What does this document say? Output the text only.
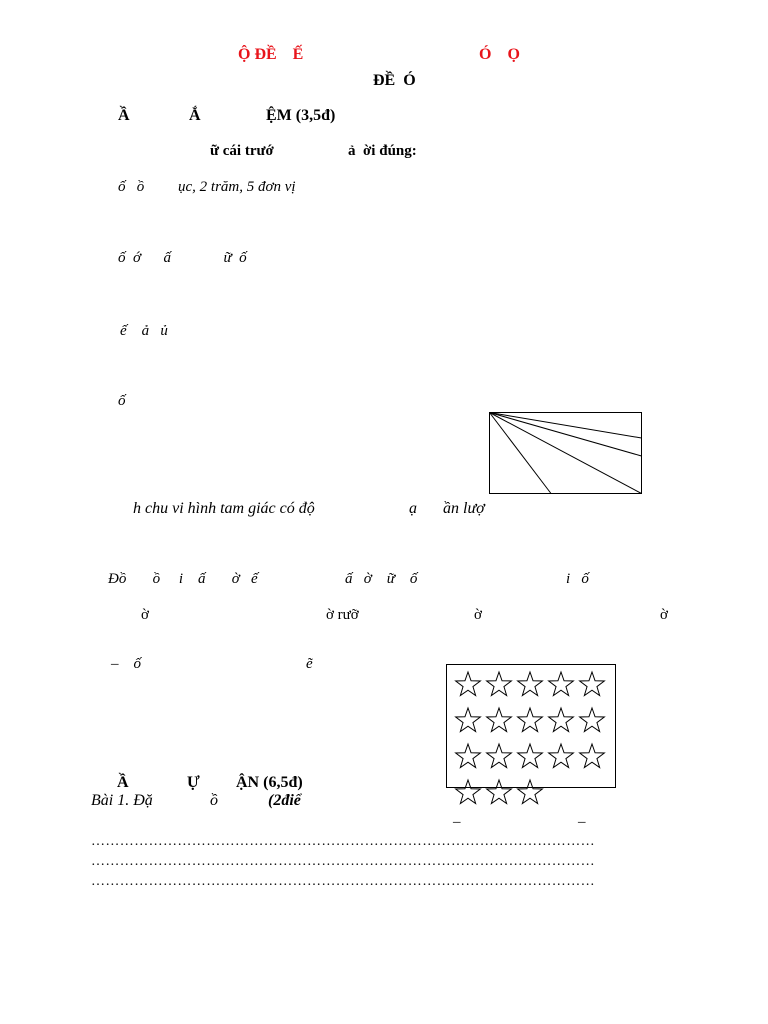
Ộ ĐỀ    Ế	Ó    Ọ
ĐỀ  Ó
Ầ	Ắ	ỆM (3,5đ)
ữ cái trướ	ả  ời đúng:
ố   ồ         ục, 2 trăm, 5 đơn vị
ố  ớ      ấ              ữ  ố
ế    ả   ủ
ố
h chu vi hình tam giác có độ	ạ ần lượ
Đồ       ồ     i    ấ       ờ   ế	ấ   ờ    ữ    ố	i   ố
ờ	ờ rưỡ	ờ	ờ
–    ố	ẽ
Ầ	Ự ẬN (6,5đ)
Bài 1. Đặ	ồ	(2điể
–	–
……………………………………………………………………………………………
……………………………………………………………………………………………
……………………………………………………………………………………………
